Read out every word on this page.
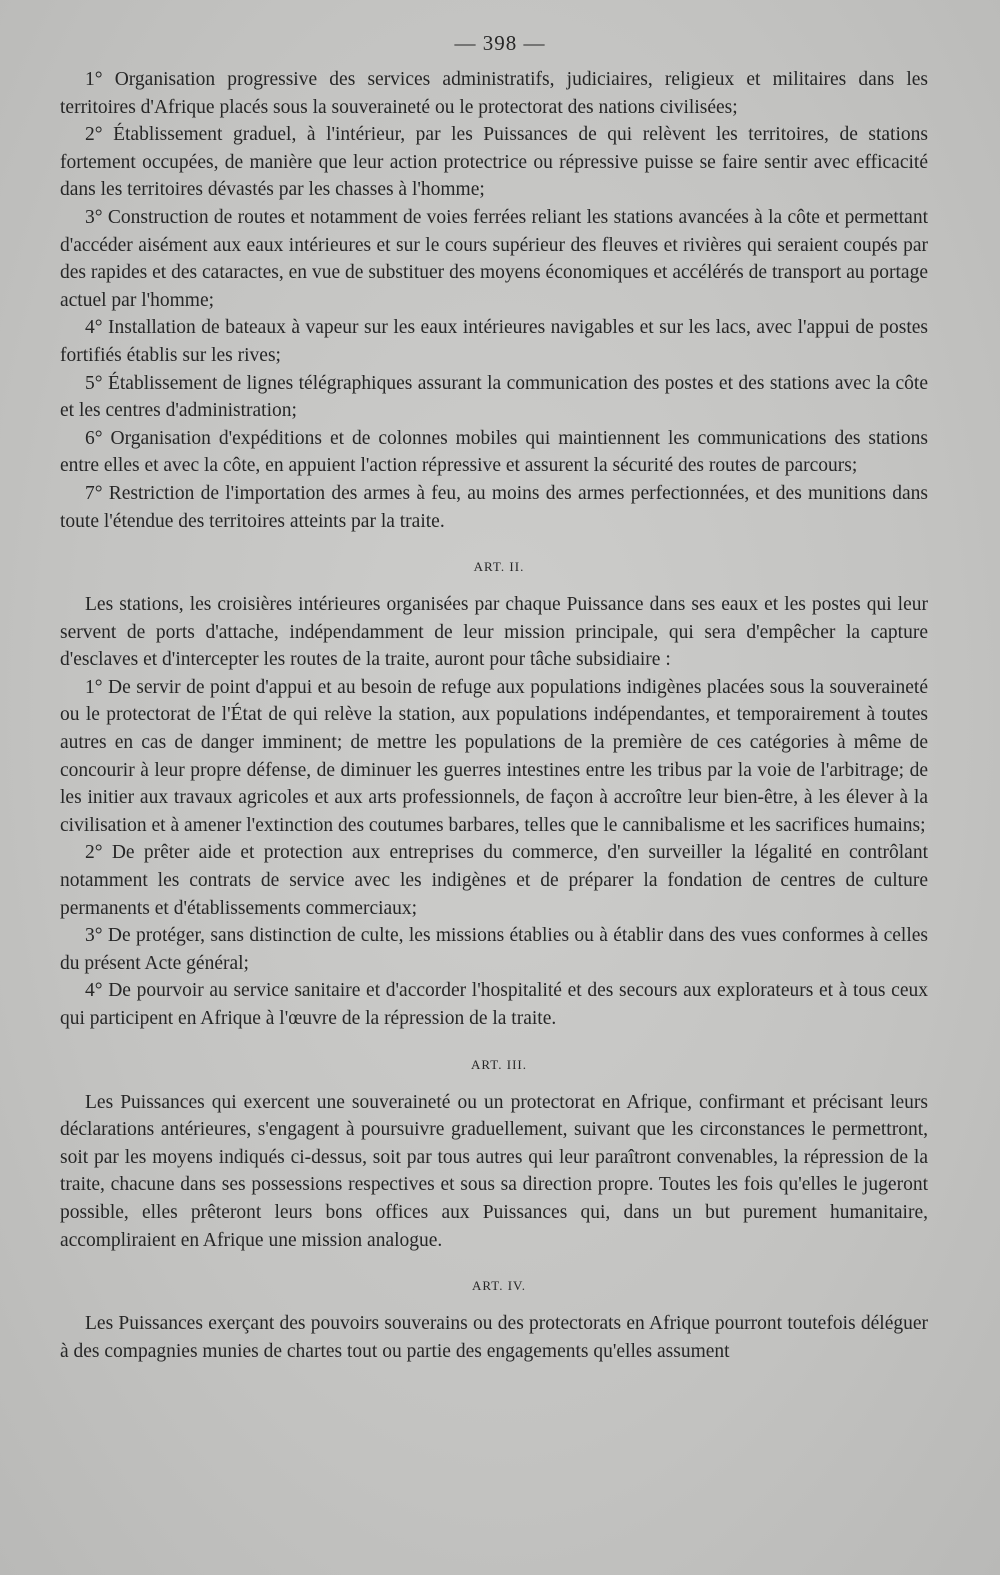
— 398 —

1° Organisation progressive des services administratifs, judiciaires, religieux et militaires dans les territoires d'Afrique placés sous la souveraineté ou le protectorat des nations civilisées;

2° Établissement graduel, à l'intérieur, par les Puissances de qui relèvent les territoires, de stations fortement occupées, de manière que leur action protectrice ou répressive puisse se faire sentir avec efficacité dans les territoires dévastés par les chasses à l'homme;

3° Construction de routes et notamment de voies ferrées reliant les stations avancées à la côte et permettant d'accéder aisément aux eaux intérieures et sur le cours supérieur des fleuves et rivières qui seraient coupés par des rapides et des cataractes, en vue de substituer des moyens économiques et accélérés de transport au portage actuel par l'homme;

4° Installation de bateaux à vapeur sur les eaux intérieures navigables et sur les lacs, avec l'appui de postes fortifiés établis sur les rives;

5° Établissement de lignes télégraphiques assurant la communication des postes et des stations avec la côte et les centres d'administration;

6° Organisation d'expéditions et de colonnes mobiles qui maintiennent les communications des stations entre elles et avec la côte, en appuient l'action répressive et assurent la sécurité des routes de parcours;

7° Restriction de l'importation des armes à feu, au moins des armes perfectionnées, et des munitions dans toute l'étendue des territoires atteints par la traite.

ART. II.

Les stations, les croisières intérieures organisées par chaque Puissance dans ses eaux et les postes qui leur servent de ports d'attache, indépendamment de leur mission principale, qui sera d'empêcher la capture d'esclaves et d'intercepter les routes de la traite, auront pour tâche subsidiaire :

1° De servir de point d'appui et au besoin de refuge aux populations indigènes placées sous la souveraineté ou le protectorat de l'État de qui relève la station, aux populations indépendantes, et temporairement à toutes autres en cas de danger imminent; de mettre les populations de la première de ces catégories à même de concourir à leur propre défense, de diminuer les guerres intestines entre les tribus par la voie de l'arbitrage; de les initier aux travaux agricoles et aux arts professionnels, de façon à accroître leur bien-être, à les élever à la civilisation et à amener l'extinction des coutumes barbares, telles que le cannibalisme et les sacrifices humains;

2° De prêter aide et protection aux entreprises du commerce, d'en surveiller la légalité en contrôlant notamment les contrats de service avec les indigènes et de préparer la fondation de centres de culture permanents et d'établissements commerciaux;

3° De protéger, sans distinction de culte, les missions établies ou à établir dans des vues conformes à celles du présent Acte général;

4° De pourvoir au service sanitaire et d'accorder l'hospitalité et des secours aux explorateurs et à tous ceux qui participent en Afrique à l'œuvre de la répression de la traite.

ART. III.

Les Puissances qui exercent une souveraineté ou un protectorat en Afrique, confirmant et précisant leurs déclarations antérieures, s'engagent à poursuivre graduellement, suivant que les circonstances le permettront, soit par les moyens indiqués ci-dessus, soit par tous autres qui leur paraîtront convenables, la répression de la traite, chacune dans ses possessions respectives et sous sa direction propre. Toutes les fois qu'elles le jugeront possible, elles prêteront leurs bons offices aux Puissances qui, dans un but purement humanitaire, accompliraient en Afrique une mission analogue.

ART. IV.

Les Puissances exerçant des pouvoirs souverains ou des protectorats en Afrique pourront toutefois déléguer à des compagnies munies de chartes tout ou partie des engagements qu'elles assument
